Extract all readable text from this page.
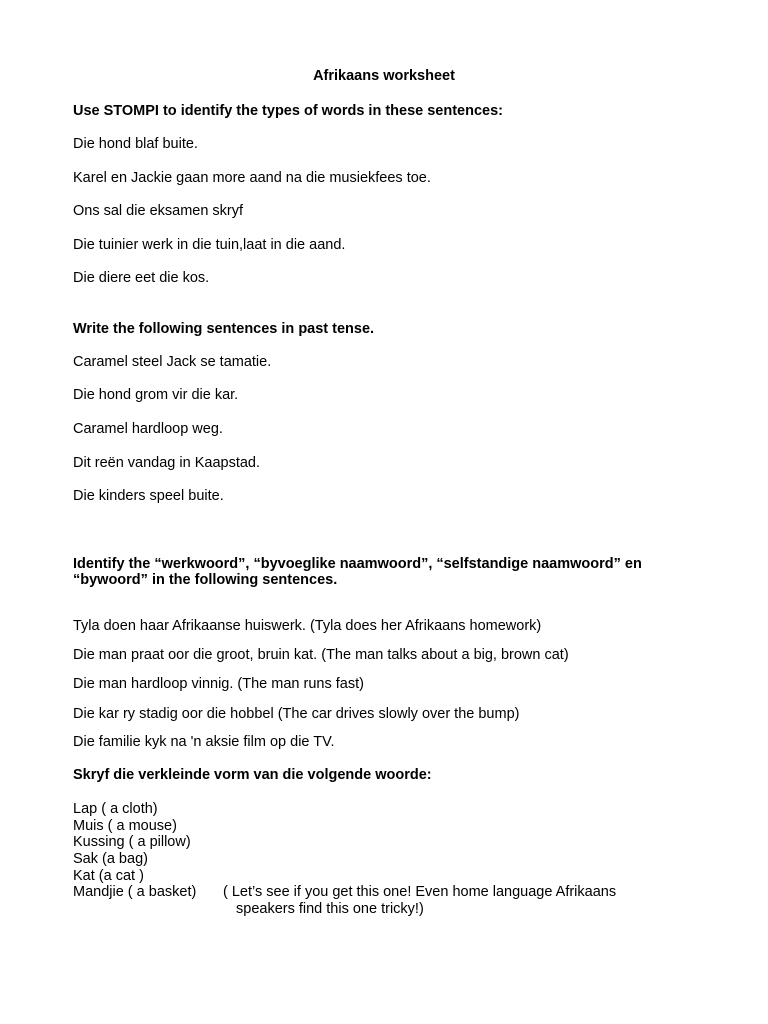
Afrikaans worksheet
Use STOMPI to identify the types of words in these sentences:
Die hond blaf buite.
Karel en Jackie gaan more aand na die musiekfees toe.
Ons sal die eksamen skryf
Die tuinier werk in die tuin,laat in die aand.
Die diere eet die kos.
Write the following sentences in past tense.
Caramel steel Jack se tamatie.
Die hond grom vir die kar.
Caramel hardloop weg.
Dit reën vandag in Kaapstad.
Die kinders speel buite.
Identify the “werkwoord”, “byvoeglike naamwoord”, “selfstandige naamwoord” en
“bywoord” in the following sentences.
Tyla doen haar Afrikaanse huiswerk. (Tyla does her Afrikaans homework)
Die man praat oor die groot, bruin kat. (The man talks about a big, brown cat)
Die man hardloop vinnig. (The man runs fast)
Die kar ry stadig oor die hobbel (The car drives slowly over the bump)
Die familie kyk na 'n aksie film op die TV.
Skryf die verkleinde vorm van die volgende woorde:
Lap ( a cloth)
Muis ( a mouse)
Kussing ( a pillow)
Sak (a bag)
Kat (a cat )
Mandjie ( a basket) ( Let’s see if you get this one! Even home language Afrikaans
speakers find this one tricky!)
